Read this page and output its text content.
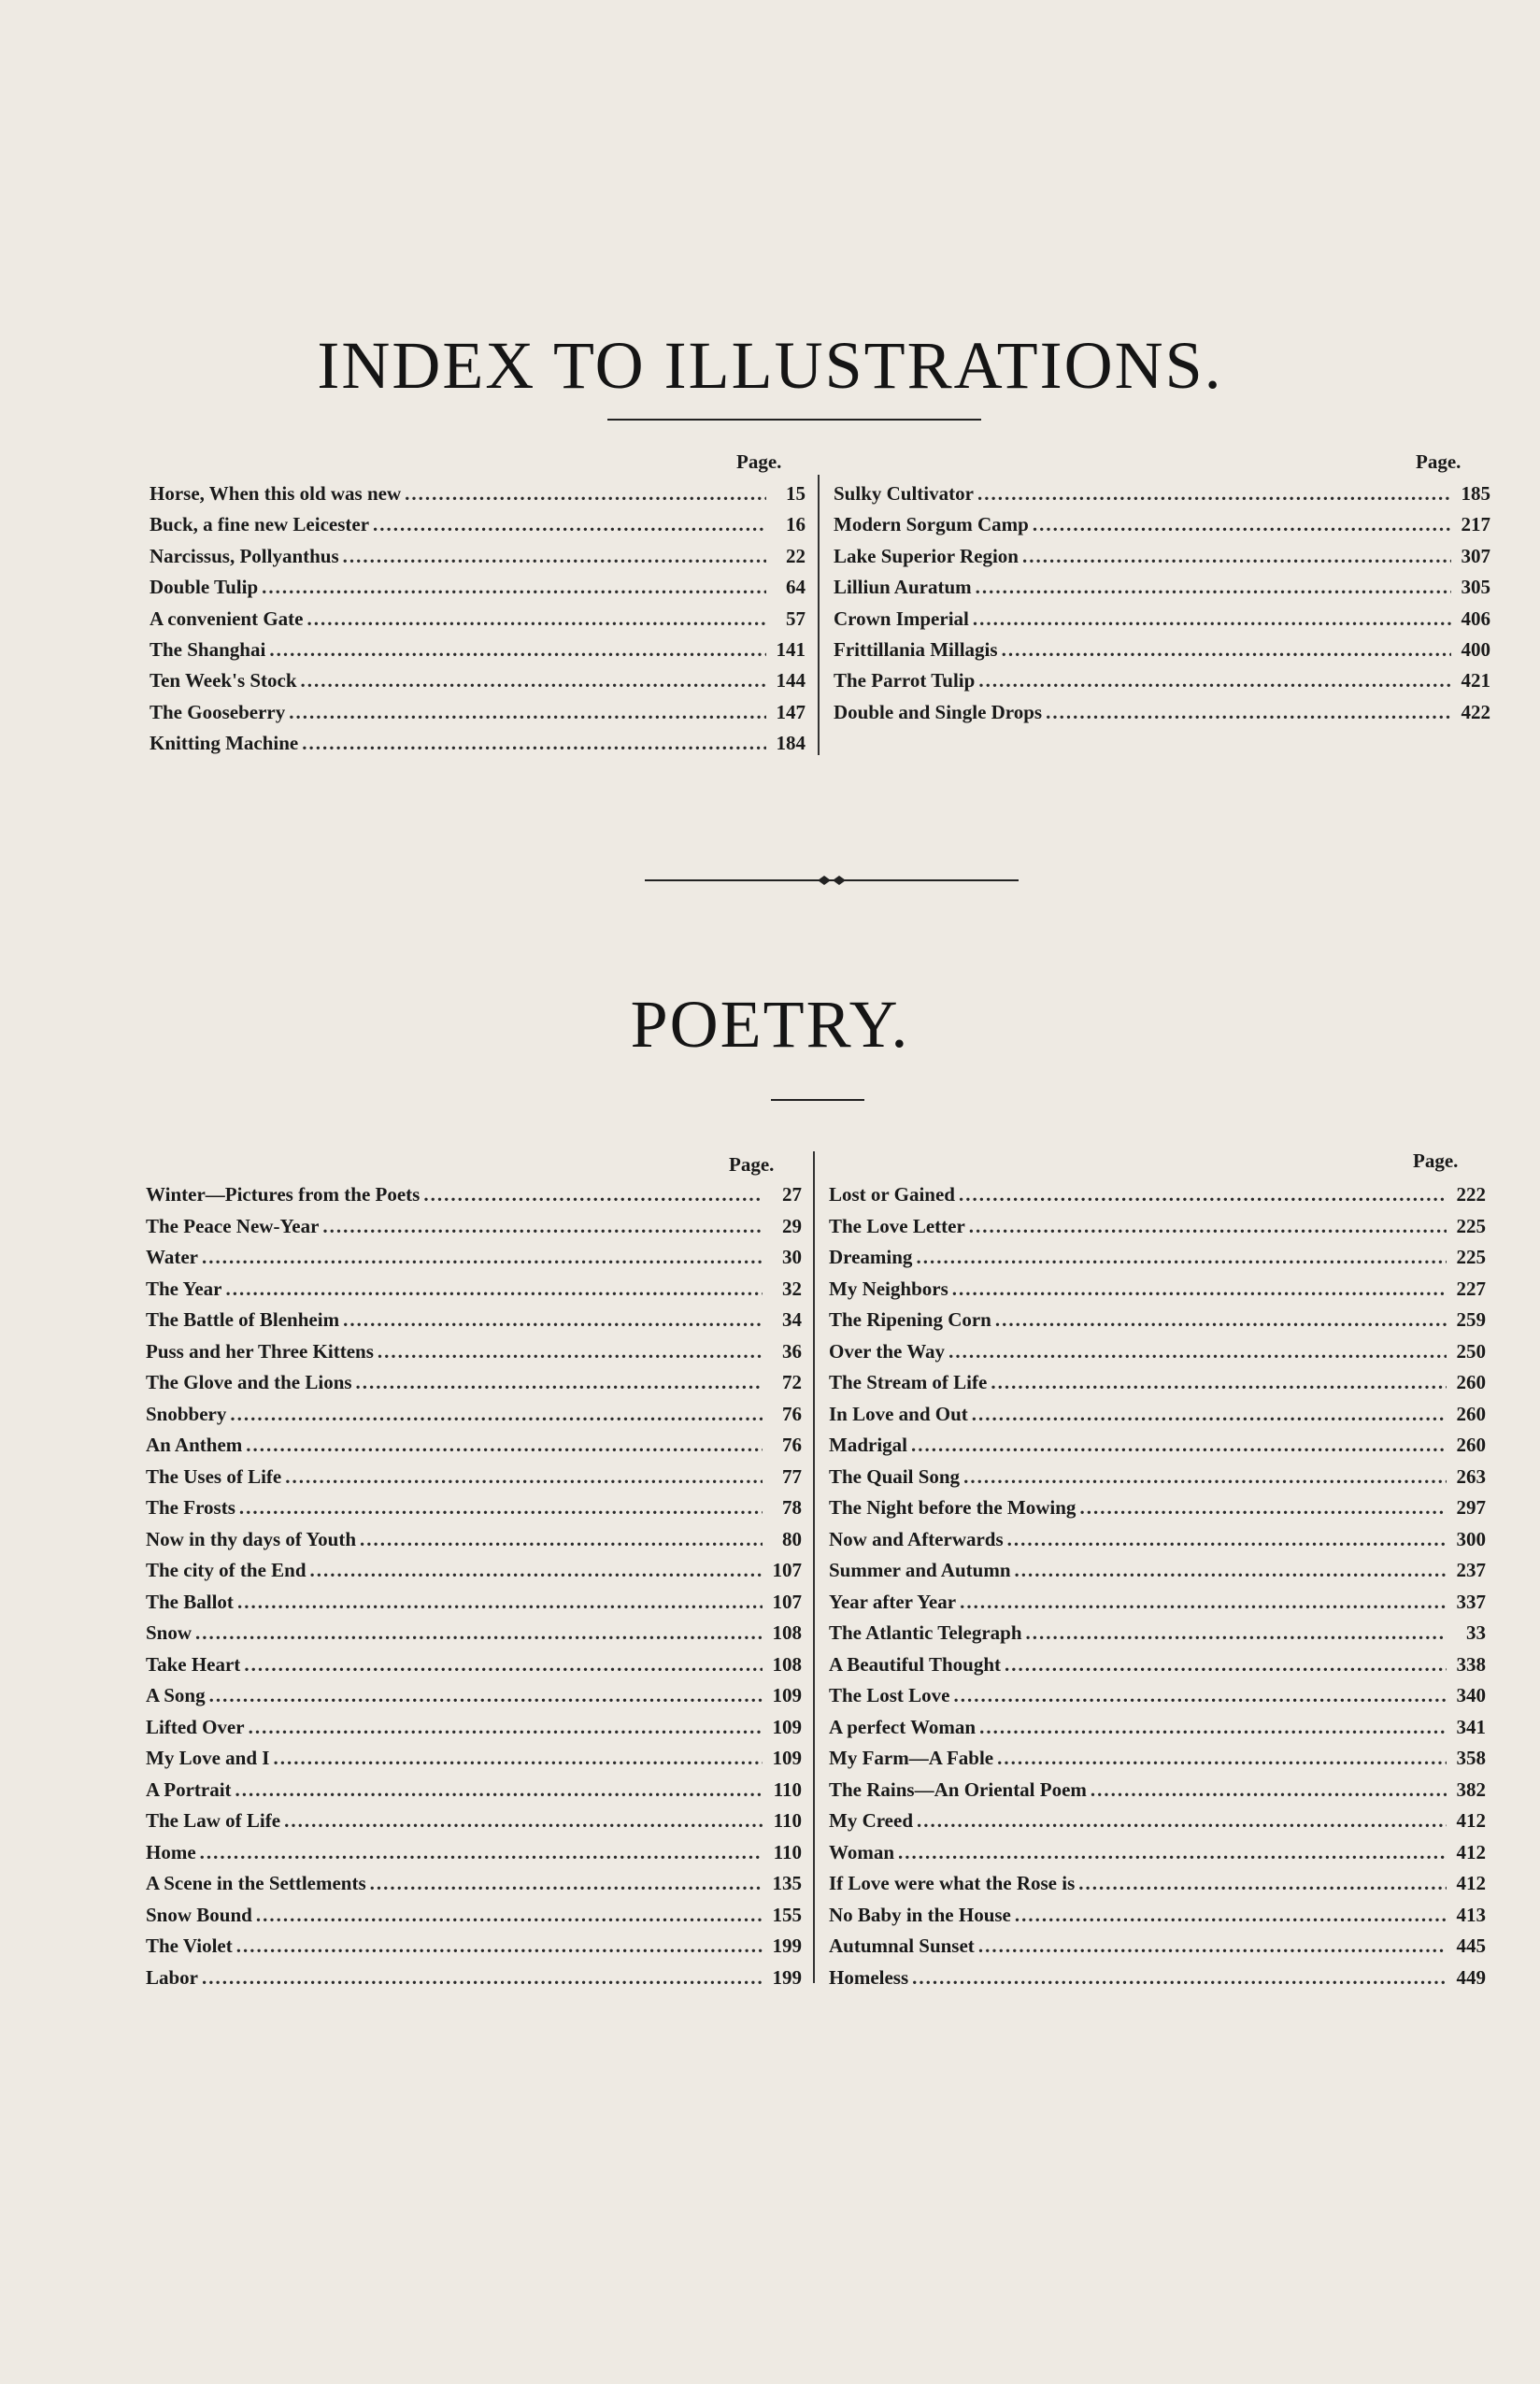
INDEX TO ILLUSTRATIONS.
Page.	Page.
Horse, When this old was new .....	15
Buck, a fine new Leicester .....	16
Narcissus, Pollyanthus .....	22
Double Tulip .....	64
A convenient Gate .....	57
The Shanghai .....	141
Ten Week's Stock .....	144
The Gooseberry .....	147
Knitting Machine .....	184
Sulky Cultivator .....	185
Modern Sorgum Camp .....	217
Lake Superior Region .....	307
Lilliun Auratum .....	305
Crown Imperial .....	406
Frittillania Millagis .....	400
The Parrot Tulip .....	421
Double and Single Drops .....	422
POETRY.
Page.	Page.
Winter—Pictures from the Poets .....	27
The Peace New-Year .....	29
Water .....	30
The Year .....	32
The Battle of Blenheim .....	34
Puss and her Three Kittens .....	36
The Glove and the Lions .....	72
Snobbery .....	76
An Anthem .....	76
The Uses of Life .....	77
The Frosts .....	78
Now in thy days of Youth .....	80
The city of the End .....	107
The Ballot .....	107
Snow .....	108
Take Heart .....	108
A Song .....	109
Lifted Over .....	109
My Love and I .....	109
A Portrait .....	110
The Law of Life .....	110
Home .....	110
A Scene in the Settlements .....	135
Snow Bound .....	155
The Violet .....	199
Labor .....	199
Lost or Gained .....	222
The Love Letter .....	225
Dreaming .....	225
My Neighbors .....	227
The Ripening Corn .....	259
Over the Way .....	250
The Stream of Life .....	260
In Love and Out .....	260
Madrigal .....	260
The Quail Song .....	263
The Night before the Mowing .....	297
Now and Afterwards .....	300
Summer and Autumn .....	237
Year after Year .....	337
The Atlantic Telegraph .....	33
A Beautiful Thought .....	338
The Lost Love .....	340
A perfect Woman .....	341
My Farm—A Fable .....	358
The Rains—An Oriental Poem .....	382
My Creed .....	412
Woman .....	412
If Love were what the Rose is .....	412
No Baby in the House .....	413
Autumnal Sunset .....	445
Homeless .....	449
